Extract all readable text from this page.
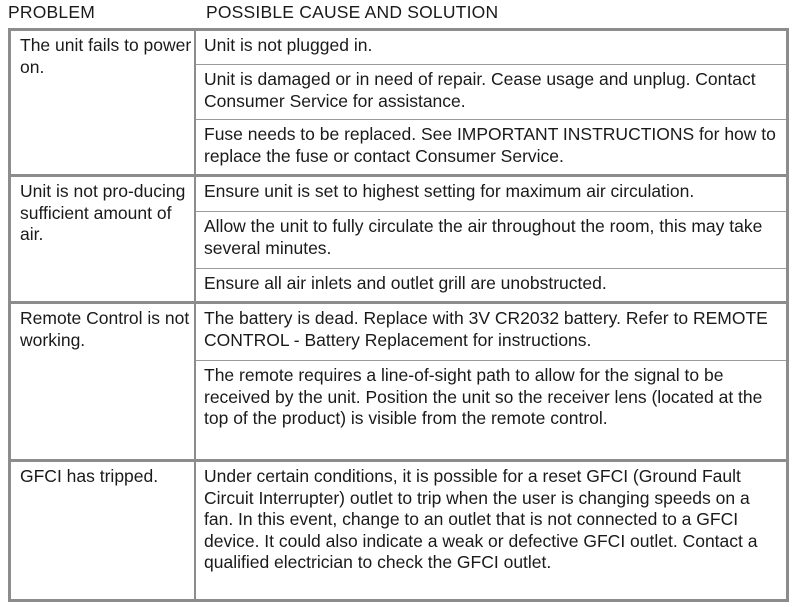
PROBLEM	POSSIBLE CAUSE AND SOLUTION
The unit fails to power on.
Unit is not plugged in.
Unit is damaged or in need of repair. Cease usage and unplug. Contact Consumer Service for assistance.
Fuse needs to be replaced. See IMPORTANT INSTRUCTIONS for how to replace the fuse or contact Consumer Service.
Unit is not pro-ducing sufficient amount of air.
Ensure unit is set to highest setting for maximum air circulation.
Allow the unit to fully circulate the air throughout the room, this may take several minutes.
Ensure all air inlets and outlet grill are unobstructed.
Remote Control is not working.
The battery is dead. Replace with 3V CR2032 battery. Refer to REMOTE CONTROL - Battery Replacement for instructions.
The remote requires a line-of-sight path to allow for the signal to be received by the unit. Position the unit so the receiver lens (located at the top of the product) is visible from the remote control.
GFCI has tripped.	Under certain conditions, it is possible for a reset GFCI (Ground Fault Circuit Interrupter) outlet to trip when the user is changing speeds on a fan. In this event, change to an outlet that is not connected to a GFCI device. It could also indicate a weak or defective GFCI outlet. Contact a qualified electrician to check the GFCI outlet.
